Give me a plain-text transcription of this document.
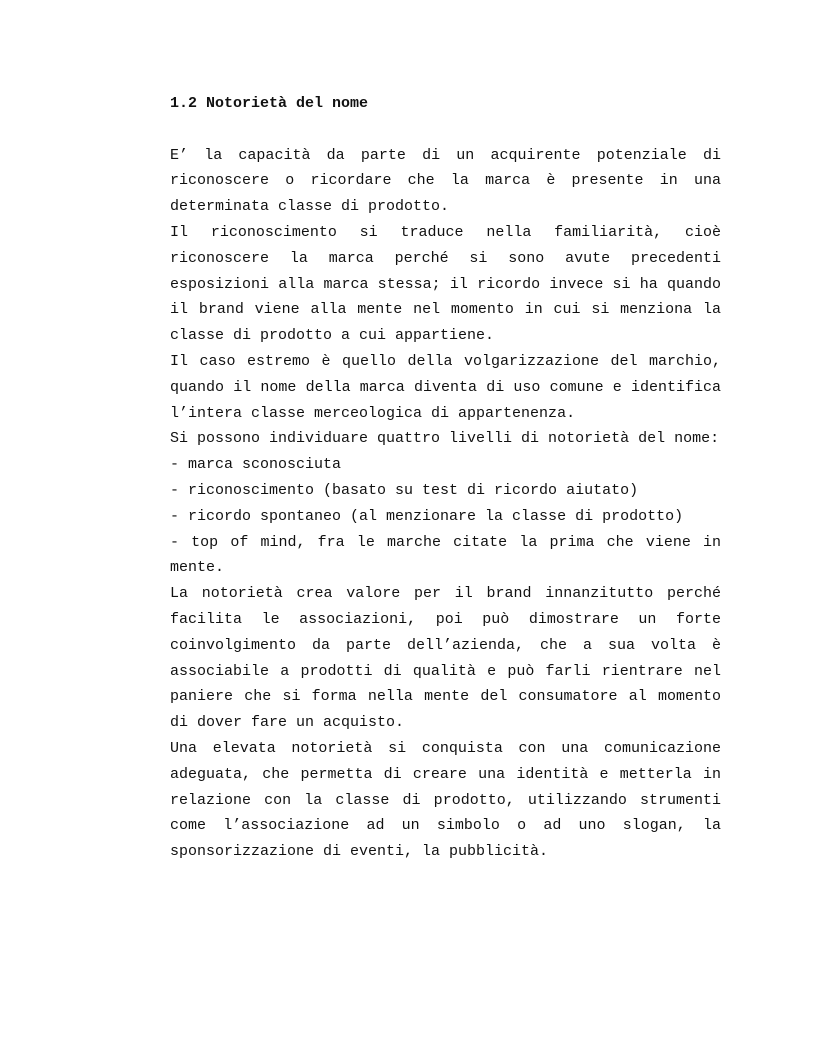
1.2 Notorietà del nome

E’ la capacità da parte di un acquirente potenziale di riconoscere o ricordare che la marca è presente in una determinata classe di prodotto.

Il riconoscimento si traduce nella familiarità, cioè riconoscere la marca perché si sono avute precedenti esposizioni alla marca stessa; il ricordo invece si ha quando il brand viene alla mente nel momento in cui si menziona la classe di prodotto a cui appartiene.

Il caso estremo è quello della volgarizzazione del marchio, quando il nome della marca diventa di uso comune e identifica l’intera classe merceologica di appartenenza.

Si possono individuare quattro livelli di notorietà del nome:

- marca sconosciuta

- riconoscimento (basato su test di ricordo aiutato)

- ricordo spontaneo (al menzionare la classe di prodotto)

- top of mind, fra le marche citate la prima che viene in mente.

La notorietà crea valore per il brand innanzitutto perché facilita le associazioni, poi può dimostrare un forte coinvolgimento da parte dell’azienda, che a sua volta è associabile a prodotti di qualità e può farli rientrare nel paniere che si forma nella mente del consumatore al momento di dover fare un acquisto.

Una elevata notorietà si conquista con una comunicazione adeguata, che permetta di creare una identità e metterla in relazione con la classe di prodotto, utilizzando strumenti come l’associazione ad un simbolo o ad uno slogan, la sponsorizzazione di eventi, la pubblicità.
